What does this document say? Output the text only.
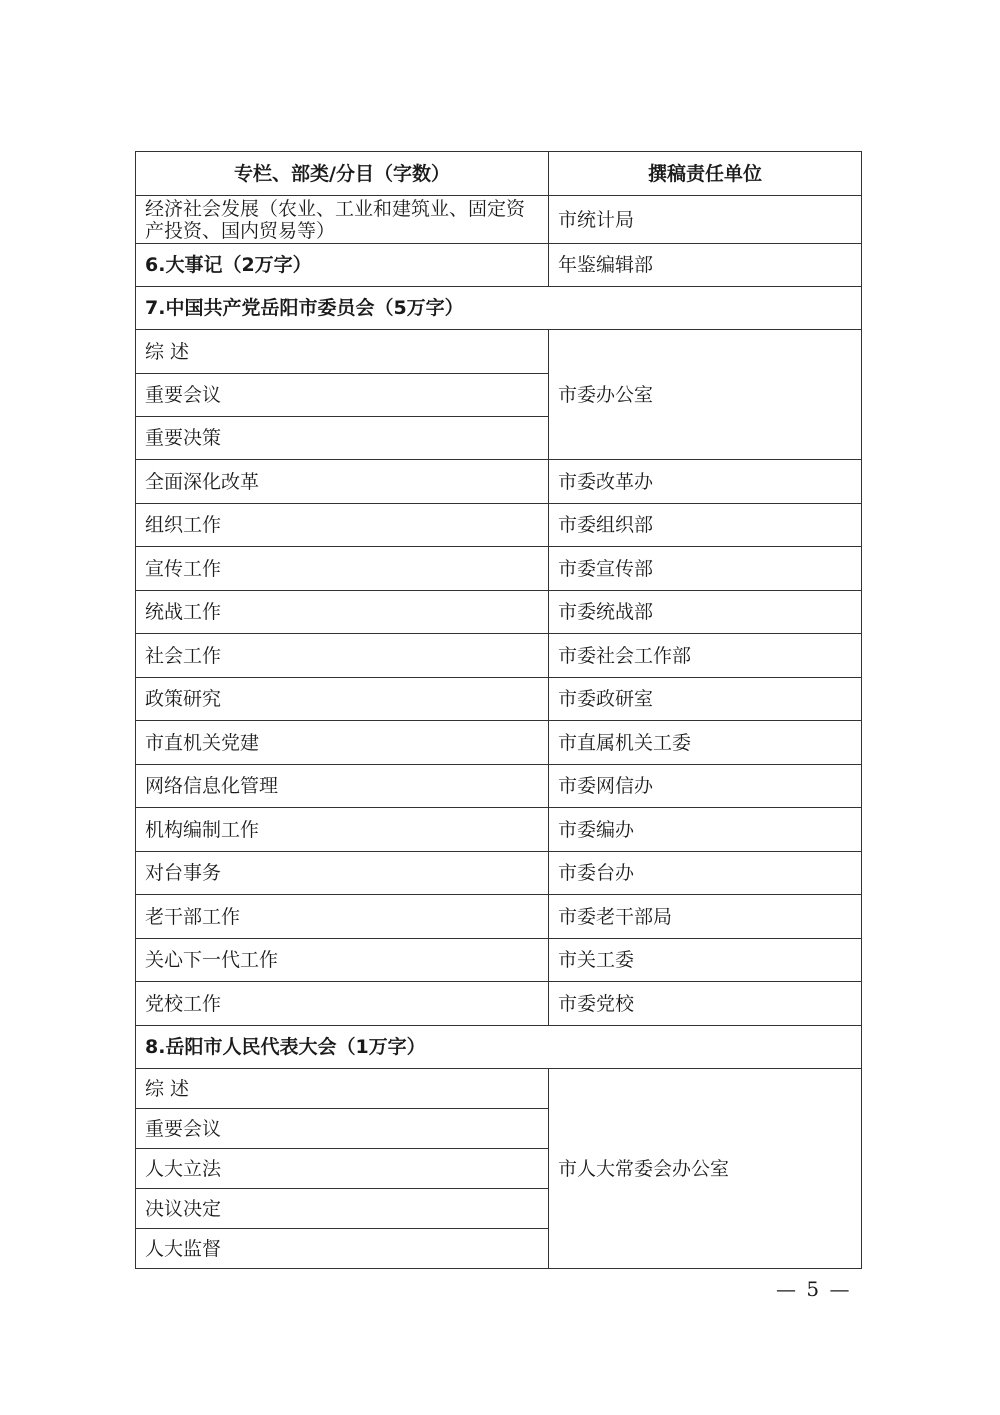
专栏、部类/分目（字数）	撰稿责任单位
经济社会发展（农业、工业和建筑业、固定资产投资、国内贸易等）	市统计局
6.大事记（2万字）	年鉴编辑部
7.中国共产党岳阳市委员会（5万字）	
综 述	市委办公室
重要会议	
重要决策	
全面深化改革	市委改革办
组织工作	市委组织部
宣传工作	市委宣传部
统战工作	市委统战部
社会工作	市委社会工作部
政策研究	市委政研室
市直机关党建	市直属机关工委
网络信息化管理	市委网信办
机构编制工作	市委编办
对台事务	市委台办
老干部工作	市委老干部局
关心下一代工作	市关工委
党校工作	市委党校
8.岳阳市人民代表大会（1万字）	
综 述	市人大常委会办公室
重要会议	
人大立法	
决议决定	
人大监督	
— 5 —
